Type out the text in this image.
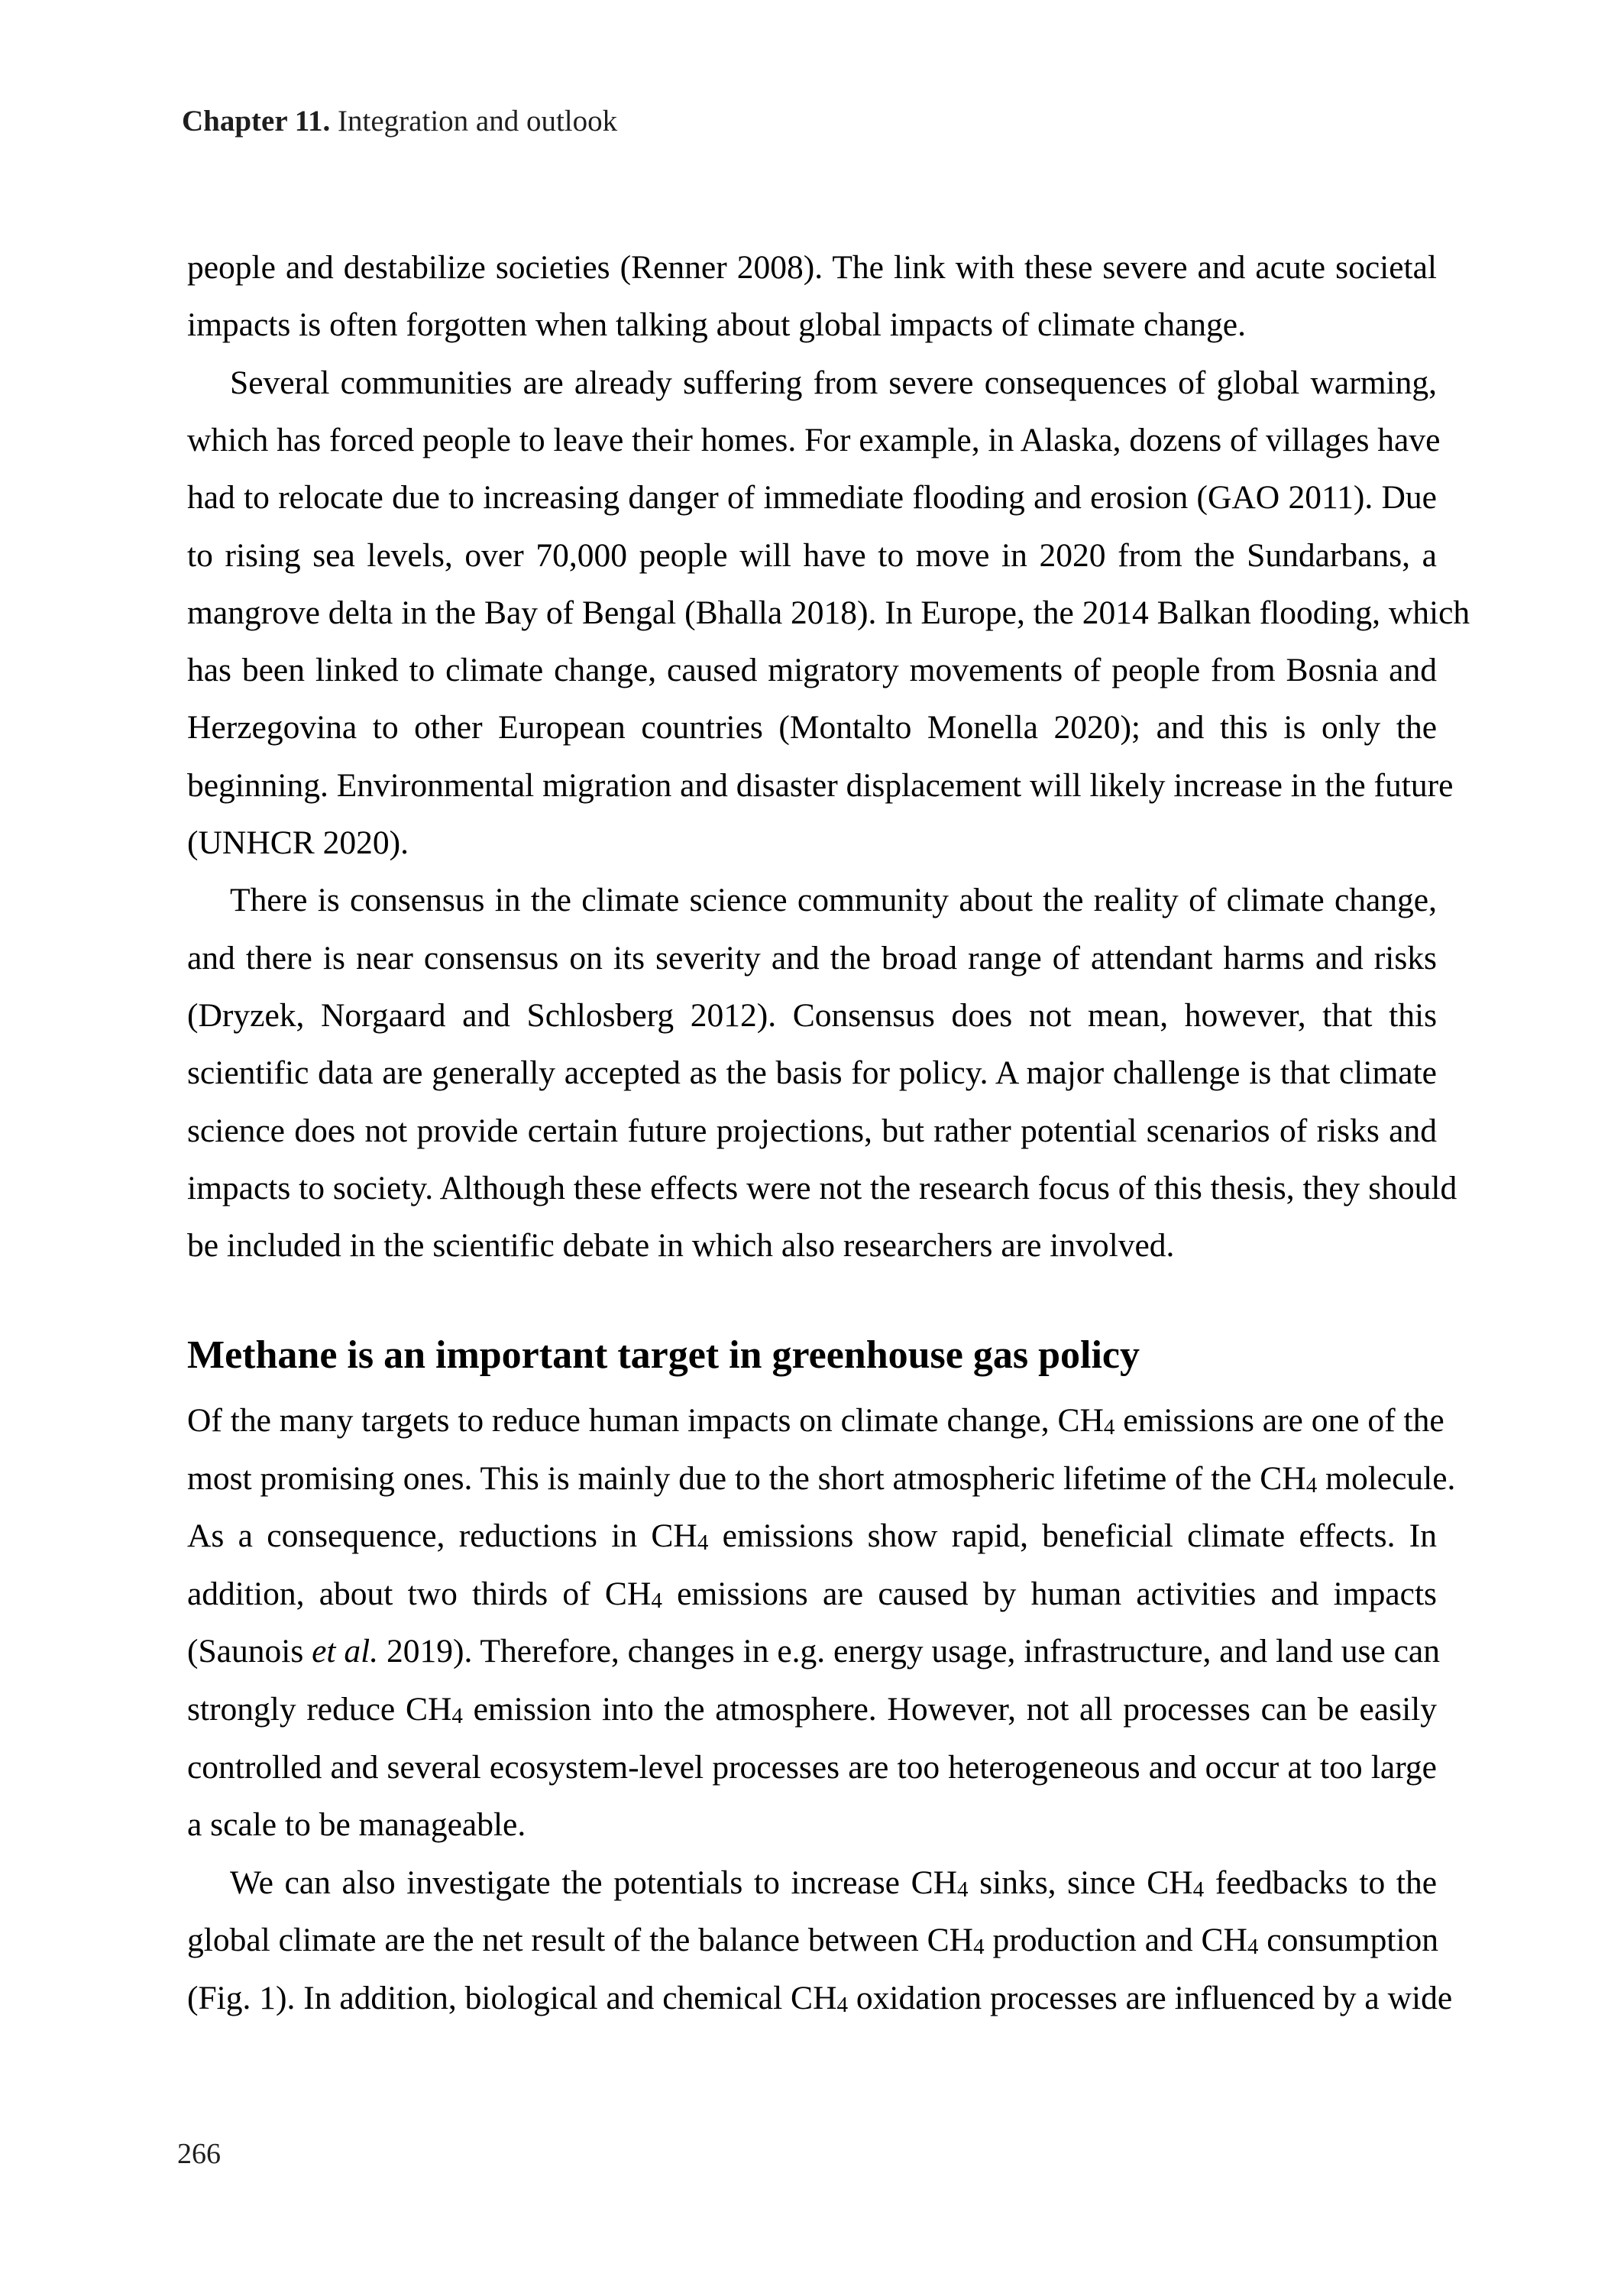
Chapter 11. Integration and outlook
people and destabilize societies (Renner 2008). The link with these severe and acute societal
impacts is often forgotten when talking about global impacts of climate change.
Several communities are already suffering from severe consequences of global warming,
which has forced people to leave their homes. For example, in Alaska, dozens of villages have
had to relocate due to increasing danger of immediate flooding and erosion (GAO 2011). Due
to rising sea levels, over 70,000 people will have to move in 2020 from the Sundarbans, a
mangrove delta in the Bay of Bengal (Bhalla 2018). In Europe, the 2014 Balkan flooding, which
has been linked to climate change, caused migratory movements of people from Bosnia and
Herzegovina to other European countries (Montalto Monella 2020); and this is only the
beginning. Environmental migration and disaster displacement will likely increase in the future
(UNHCR 2020).
There is consensus in the climate science community about the reality of climate change,
and there is near consensus on its severity and the broad range of attendant harms and risks
(Dryzek, Norgaard and Schlosberg 2012). Consensus does not mean, however, that this
scientific data are generally accepted as the basis for policy. A major challenge is that climate
science does not provide certain future projections, but rather potential scenarios of risks and
impacts to society. Although these effects were not the research focus of this thesis, they should
be included in the scientific debate in which also researchers are involved.
Methane is an important target in greenhouse gas policy
Of the many targets to reduce human impacts on climate change, $CH_4$ emissions are one of the
most promising ones. This is mainly due to the short atmospheric lifetime of the $CH_4$ molecule.
As a consequence, reductions in $CH_4$ emissions show rapid, beneficial climate effects. In
addition, about two thirds of $CH_4$ emissions are caused by human activities and impacts
(Saunois et al. 2019). Therefore, changes in e.g. energy usage, infrastructure, and land use can
strongly reduce $CH_4$ emission into the atmosphere. However, not all processes can be easily
controlled and several ecosystem-level processes are too heterogeneous and occur at too large
a scale to be manageable.
We can also investigate the potentials to increase $CH_4$ sinks, since $CH_4$ feedbacks to the
global climate are the net result of the balance between $CH_4$ production and $CH_4$ consumption
(Fig. 1). In addition, biological and chemical $CH_4$ oxidation processes are influenced by a wide
266
